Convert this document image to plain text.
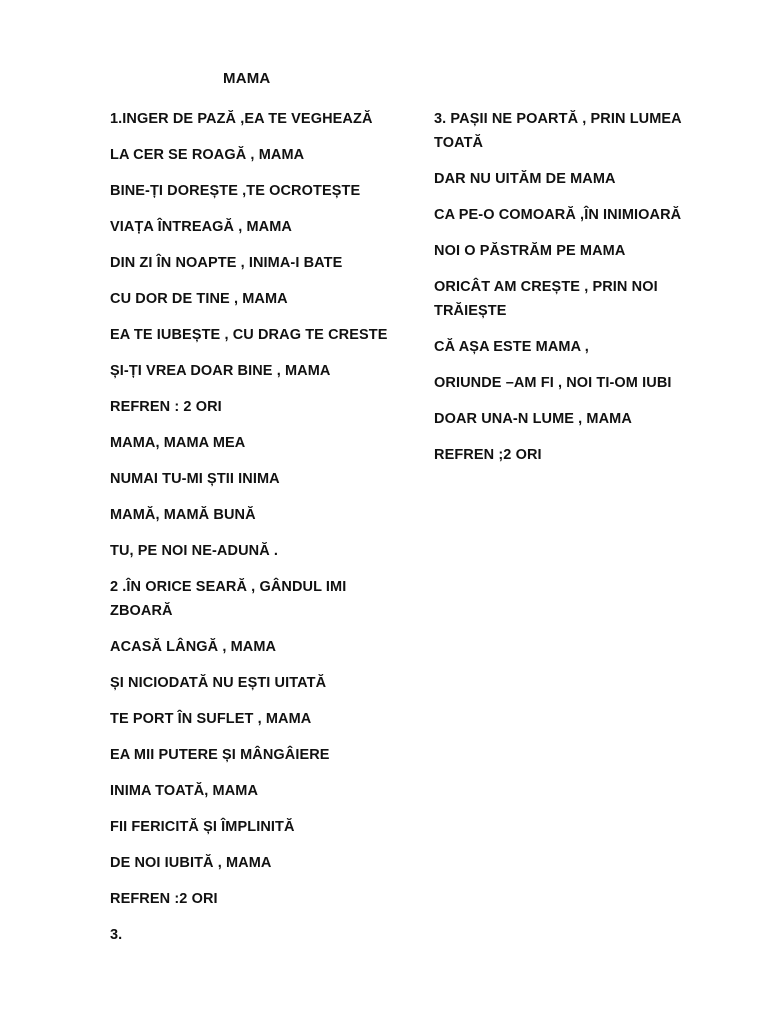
MAMA

1.INGER DE PAZĂ ,EA TE VEGHEAZĂ

LA CER SE ROAGĂ , MAMA

BINE-ȚI DOREȘTE ,TE OCROTEȘTE

VIAȚA ÎNTREAGĂ , MAMA

DIN ZI ÎN NOAPTE , INIMA-I BATE

CU DOR DE TINE , MAMA

EA TE IUBEȘTE , CU DRAG TE CRESTE

ȘI-ȚI VREA DOAR BINE , MAMA

REFREN : 2 ORI

MAMA, MAMA MEA

NUMAI TU-MI ȘTII INIMA

MAMĂ, MAMĂ BUNĂ

TU, PE NOI NE-ADUNĂ .

2 .ÎN ORICE SEARĂ , GÂNDUL IMI ZBOARĂ

ACASĂ LÂNGĂ , MAMA

ȘI NICIODATĂ NU EȘTI UITATĂ

TE PORT ÎN SUFLET , MAMA

EA MII PUTERE ȘI MÂNGÂIERE

INIMA TOATĂ, MAMA

FII FERICITĂ ȘI ÎMPLINITĂ

DE NOI IUBITĂ , MAMA

REFREN :2 ORI

3.

3. PAȘII NE POARTĂ , PRIN LUMEA TOATĂ

DAR NU UITĂM DE MAMA

CA PE-O COMOARĂ ,ÎN INIMIOARĂ

NOI O PĂSTRĂM PE MAMA

ORICÂT AM CREȘTE , PRIN NOI TRĂIEȘTE

CĂ AȘA ESTE MAMA ,

ORIUNDE –AM FI , NOI TI-OM IUBI

DOAR UNA-N LUME , MAMA

REFREN ;2 ORI
